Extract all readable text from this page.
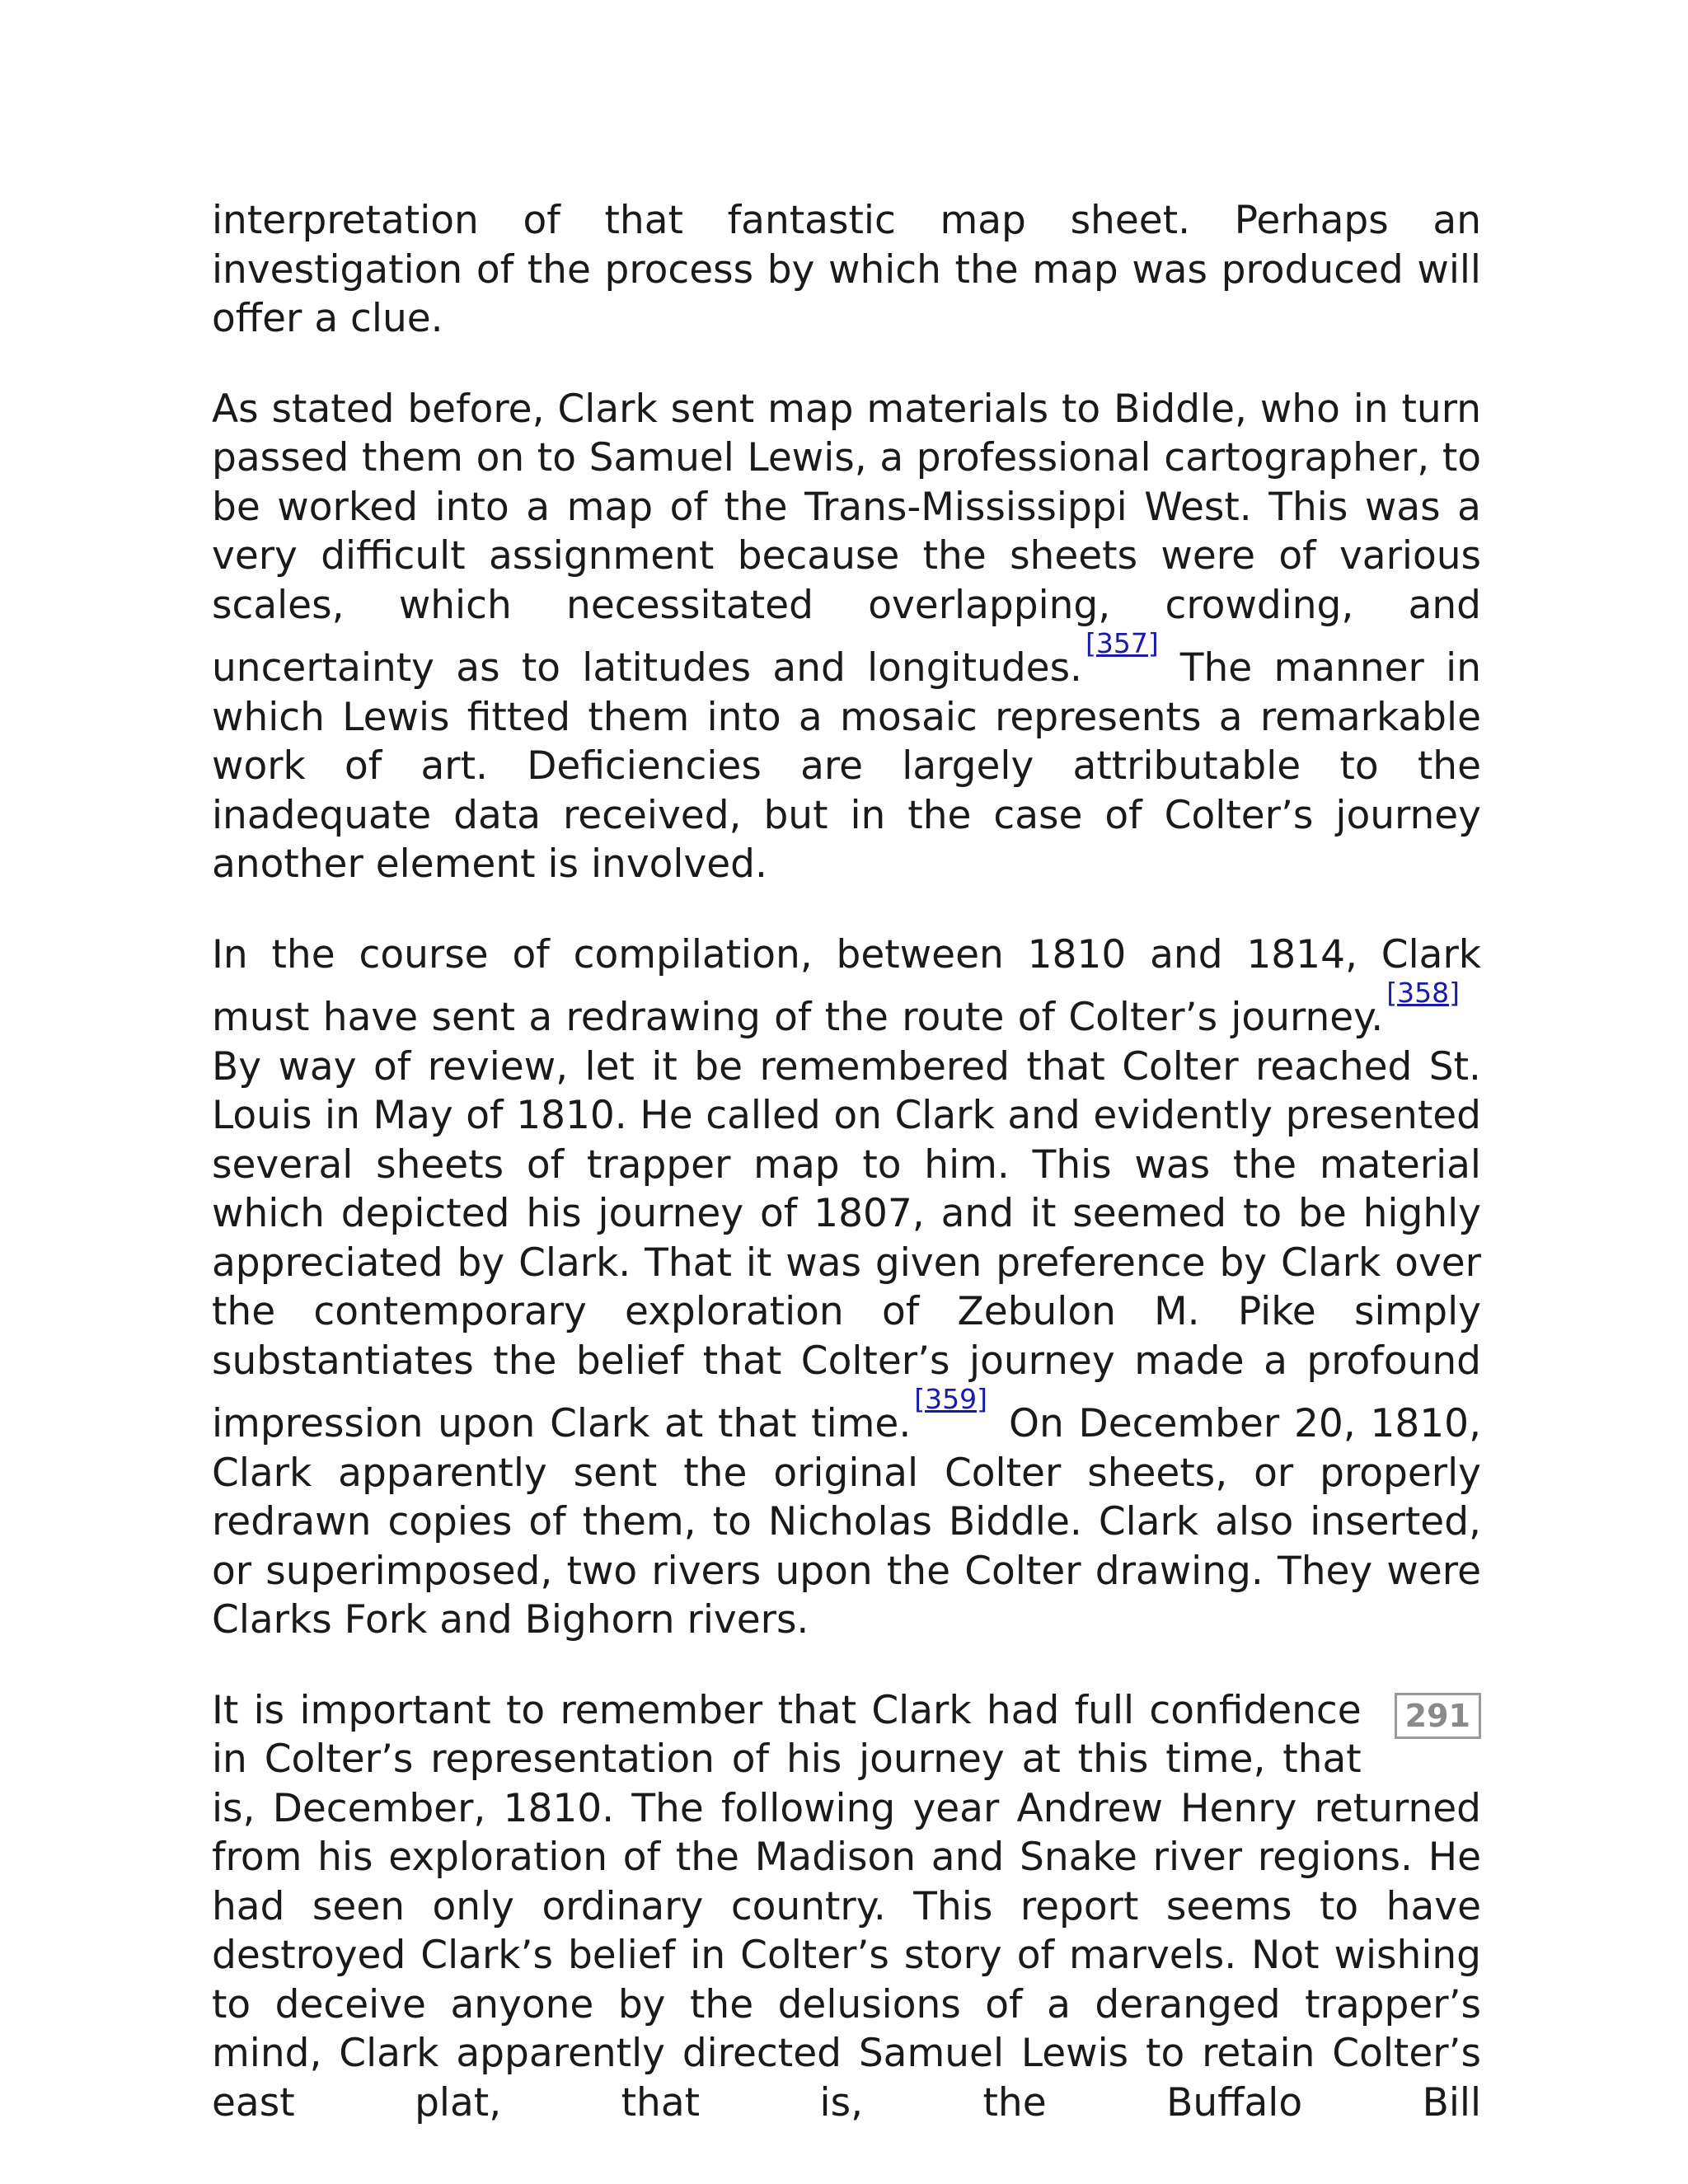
interpretation of that fantastic map sheet. Perhaps an investigation of the process by which the map was produced will offer a clue.

As stated before, Clark sent map materials to Biddle, who in turn passed them on to Samuel Lewis, a professional cartographer, to be worked into a map of the Trans-Mississippi West. This was a very difficult assignment because the sheets were of various scales, which necessitated overlapping, crowding, and uncertainty as to latitudes and longitudes.[357]The manner in which Lewis fitted them into a mosaic represents a remarkable work of art. Deficiencies are largely attributable to the inadequate data received, but in the case of Colter’s journey another element is involved.

In the course of compilation, between 1810 and 1814, Clark must have sent a redrawing of the route of Colter’s journey.[358]By way of review, let it be remembered that Colter reached St. Louis in May of 1810. He called on Clark and evidently presented several sheets of trapper map to him. This was the material which depicted his journey of 1807, and it seemed to be highly appreciated by Clark. That it was given preference by Clark over the contemporary exploration of Zebulon M. Pike simply substantiates the belief that Colter’s journey made a profound impression upon Clark at that time.[359]On December 20, 1810, Clark apparently sent the original Colter sheets, or properly redrawn copies of them, to Nicholas Biddle. Clark also inserted, or superimposed, two rivers upon the Colter drawing. They were Clarks Fork and Bighorn rivers.

291
It is important to remember that Clark had full confidence in Colter’s representation of his journey at this time, that is, December, 1810. The following year Andrew Henry returned from his exploration of the Madison and Snake river regions. He had seen only ordinary country. This report seems to have destroyed Clark’s belief in Colter’s story of marvels. Not wishing to deceive anyone by the delusions of a deranged trapper’s mind, Clark apparently directed Samuel Lewis to retain Colter’s east plat, that is, the Buffalo Bill
